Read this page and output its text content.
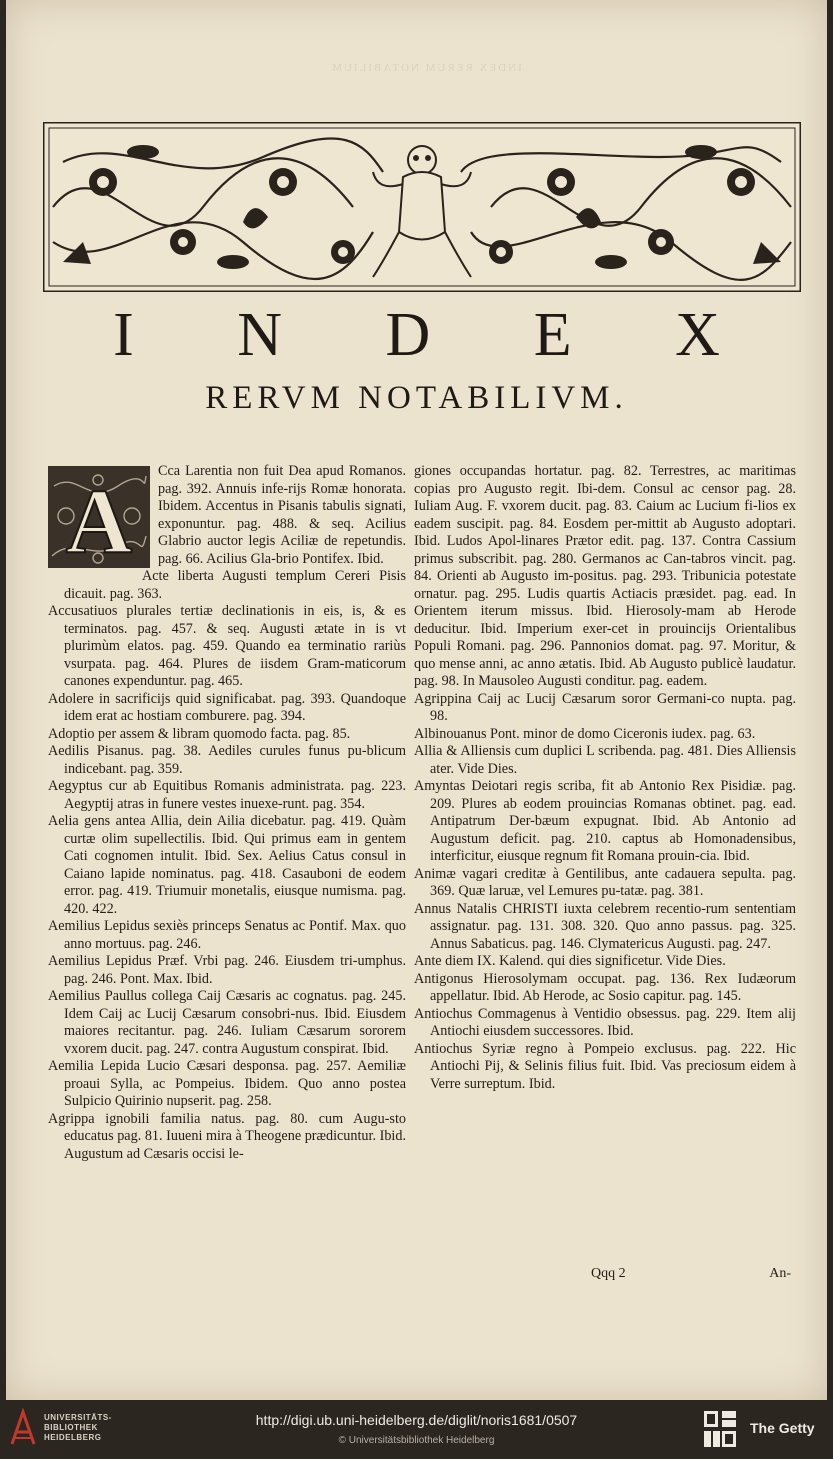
INDEX RERUM NOTABILIUM
I N D E X
RERVM NOTABILIVM.
A	Cca Larentia non fuit Dea apud Romanos. pag. 392. Annuis infe-rijs Romæ honorata. Ibidem. Accentus in Pisanis tabulis signati, exponuntur. pag. 488. & seq. Acilius Glabrio auctor legis Aciliæ de repetundis. pag. 66. Acilius Gla-brio Pontifex. Ibid.

Acte liberta Augusti templum Cereri Pisis dicauit. pag. 363.

Accusatiuos plurales tertiæ declinationis in eis, is, & es terminatos. pag. 457. & seq. Augusti ætate in is vt plurimùm elatos. pag. 459. Quando ea terminatio rariùs vsurpata. pag. 464. Plures de iisdem Gram-maticorum canones expenduntur. pag. 465.

Adolere in sacrificijs quid significabat. pag. 393. Quandoque idem erat ac hostiam comburere. pag. 394.

Adoptio per assem & libram quomodo facta. pag. 85.

Aedilis Pisanus. pag. 38. Aediles curules funus pu-blicum indicebant. pag. 359.

Aegyptus cur ab Equitibus Romanis administrata. pag. 223. Aegyptij atras in funere vestes inuexe-runt. pag. 354.

Aelia gens antea Allia, dein Ailia dicebatur. pag. 419. Quàm curtæ olim supellectilis. Ibid. Qui primus eam in gentem Cati cognomen intulit. Ibid. Sex. Aelius Catus consul in Caiano lapide nominatus. pag. 418. Casauboni de eodem error. pag. 419. Triumuir monetalis, eiusque numisma. pag. 420. 422.

Aemilius Lepidus sexiès princeps Senatus ac Pontif. Max. quo anno mortuus. pag. 246.

Aemilius Lepidus Præf. Vrbi pag. 246. Eiusdem tri-umphus. pag. 246. Pont. Max. Ibid.

Aemilius Paullus collega Caij Cæsaris ac cognatus. pag. 245. Idem Caij ac Lucij Cæsarum consobri-nus. Ibid. Eiusdem maiores recitantur. pag. 246. Iuliam Cæsarum sororem vxorem ducit. pag. 247. contra Augustum conspirat. Ibid.

Aemilia Lepida Lucio Cæsari desponsa. pag. 257. Aemiliæ proaui Sylla, ac Pompeius. Ibidem. Quo anno postea Sulpicio Quirinio nupserit. pag. 258.

Agrippa ignobili familia natus. pag. 80. cum Augu-sto educatus pag. 81. Iuueni mira à Theogene prædicuntur. Ibid. Augustum ad Cæsaris occisi le-

giones occupandas hortatur. pag. 82. Terrestres, ac maritimas copias pro Augusto regit. Ibi-dem. Consul ac censor pag. 28. Iuliam Aug. F. vxorem ducit. pag. 83. Caium ac Lucium fi-lios ex eadem suscipit. pag. 84. Eosdem per-mittit ab Augusto adoptari. Ibid. Ludos Apol-linares Prætor edit. pag. 137. Contra Cassium primus subscribit. pag. 280. Germanos ac Can-tabros vincit. pag. 84. Orienti ab Augusto im-positus. pag. 293. Tribunicia potestate ornatur. pag. 295. Ludis quartis Actiacis præsidet. pag. ead. In Orientem iterum missus. Ibid. Hierosoly-mam ab Herode deducitur. Ibid. Imperium exer-cet in prouincijs Orientalibus Populi Romani. pag. 296. Pannonios domat. pag. 97. Moritur, & quo mense anni, ac anno ætatis. Ibid. Ab Augusto publicè laudatur. pag. 98. In Mausoleo Augusti conditur. pag. eadem.

Agrippina Caij ac Lucij Cæsarum soror Germani-co nupta. pag. 98.

Albinouanus Pont. minor de domo Ciceronis iudex. pag. 63.

Allia & Alliensis cum duplici L scribenda. pag. 481. Dies Alliensis ater. Vide Dies.

Amyntas Deiotari regis scriba, fit ab Antonio Rex Pisidiæ. pag. 209. Plures ab eodem prouincias Romanas obtinet. pag. ead. Antipatrum Der-bæum expugnat. Ibid. Ab Antonio ad Augustum deficit. pag. 210. captus ab Homonadensibus, interficitur, eiusque regnum fit Romana prouin-cia. Ibid.

Animæ vagari creditæ à Gentilibus, ante cadauera sepulta. pag. 369. Quæ laruæ, vel Lemures pu-tatæ. pag. 381.

Annus Natalis CHRISTI iuxta celebrem recentio-rum sententiam assignatur. pag. 131. 308. 320. Quo anno passus. pag. 325. Annus Sabaticus. pag. 146. Clymatericus Augusti. pag. 247.

Ante diem IX. Kalend. qui dies significetur. Vide Dies.

Antigonus Hierosolymam occupat. pag. 136. Rex Iudæorum appellatur. Ibid. Ab Herode, ac Sosio capitur. pag. 145.

Antiochus Commagenus à Ventidio obsessus. pag. 229. Item alij Antiochi eiusdem successores. Ibid.

Antiochus Syriæ regno à Pompeio exclusus. pag. 222. Hic Antiochi Pij, & Selinis filius fuit. Ibid. Vas preciosum eidem à Verre surreptum. Ibid.

Qqq 2	An-
UNIVERSITÄTS-
BIBLIOTHEK
HEIDELBERG
http://digi.ub.uni-heidelberg.de/diglit/noris1681/0507
© Universitätsbibliothek Heidelberg
The Getty
